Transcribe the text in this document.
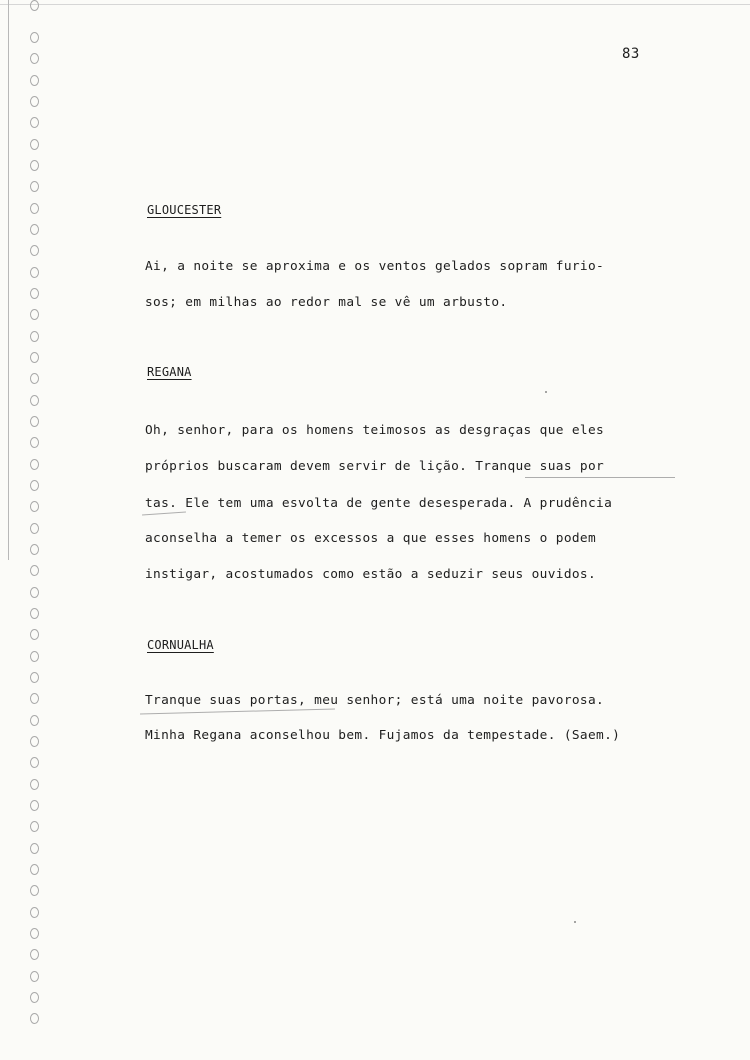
83
GLOUCESTER
Ai, a noite se aproxima e os ventos gelados sopram furio-
sos; em milhas ao redor mal se vê um arbusto.
REGANA
Oh, senhor, para os homens teimosos as desgraças que eles
próprios buscaram devem servir de lição. Tranque suas por
tas. Ele tem uma esvolta de gente desesperada. A prudência
aconselha a temer os excessos a que esses homens o podem
instigar, acostumados como estão a seduzir seus ouvidos.
CORNUALHA
Tranque suas portas, meu senhor; está uma noite pavorosa.
Minha Regana aconselhou bem. Fujamos da tempestade. (Saem.)
